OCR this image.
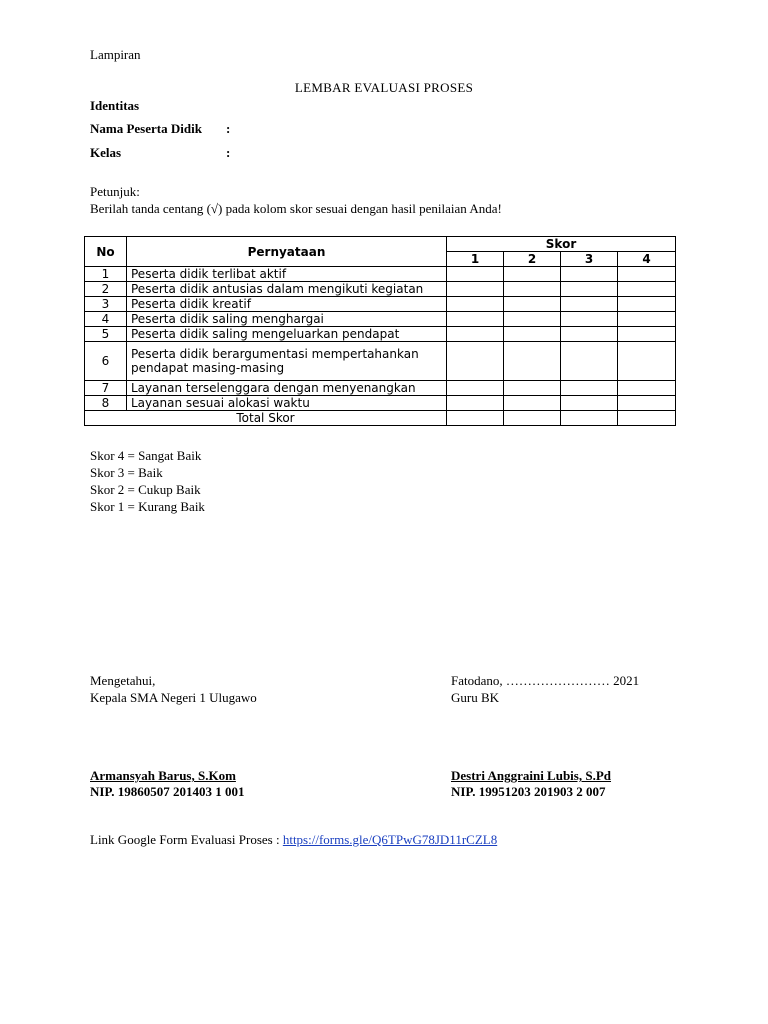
Lampiran
LEMBAR EVALUASI PROSES
Identitas
Nama Peserta Didik :
Kelas	:
Petunjuk:
Berilah tanda centang (√) pada kolom skor sesuai dengan hasil penilaian Anda!
No	Pernyataan	Skor			
		1	2	3	4
1	Peserta didik terlibat aktif				
2	Peserta didik antusias dalam mengikuti kegiatan				
3	Peserta didik kreatif				
4	Peserta didik saling menghargai				
5	Peserta didik saling mengeluarkan pendapat				
6	Peserta didik berargumentasi mempertahankan
pendapat masing-masing				

7	Layanan terselenggara dengan menyenangkan				
8	Layanan sesuai alokasi waktu				
Total Skor					
Skor 4 = Sangat Baik
Skor 3 = Baik
Skor 2 = Cukup Baik
Skor 1 = Kurang Baik
Mengetahui,
Kepala SMA Negeri 1 Ulugawo
Armansyah Barus, S.Kom
NIP. 19860507 201403 1 001
Fatodano, …………………… 2021
Guru BK
Destri Anggraini Lubis, S.Pd
NIP. 19951203 201903 2 007
Link Google Form Evaluasi Proses : https://forms.gle/Q6TPwG78JD11rCZL8
